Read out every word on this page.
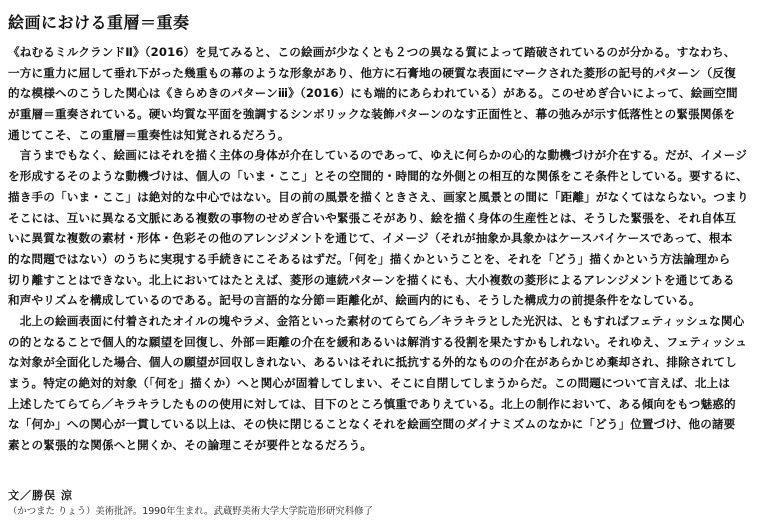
絵画における重層＝重奏
《ねむるミルクランドⅡ》（2016）を見てみると、この絵画が少なくとも２つの異なる質によって踏破されているのが分かる。すなわち、
一方に重力に屈して垂れ下がった幾重もの幕のような形象があり、他方に石膏地の硬質な表面にマークされた菱形の記号的パターン（反復
的な模様へのこうした関心は《きらめきのパターンⅲ》（2016）にも端的にあらわれている）がある。このせめぎ合いによって、絵画空間
が重層＝重奏されている。硬い均質な平面を強調するシンボリックな装飾パターンのなす正面性と、幕の弛みが示す低落性との緊張関係を
通じてこそ、この重層＝重奏性は知覚されるだろう。
　言うまでもなく、絵画にはそれを描く主体の身体が介在しているのであって、ゆえに何らかの心的な動機づけが介在する。だが、イメージ
を形成するそのような動機づけは、個人の「いま・ここ」とその空間的・時間的な外側との相互的な関係をこそ条件としている。要するに、
描き手の「いま・ここ」は絶対的な中心ではない。目の前の風景を描くときさえ、画家と風景との間に「距離」がなくてはならない。つまり
そこには、互いに異なる文脈にある複数の事物のせめぎ合いや緊張こそがあり、絵を描く身体の生産性とは、そうした緊張を、それ自体互
いに異質な複数の素材・形体・色彩その他のアレンジメントを通じて、イメージ（それが抽象か具象かはケースバイケースであって、根本
的な問題ではない）のうちに実現する手続きにこそあるはずだ。「何を」描くかということを、それを「どう」描くかという方法論理から
切り離すことはできない。北上においてはたとえば、菱形の連続パターンを描くにも、大小複数の菱形によるアレンジメントを通じてある
和声やリズムを構成しているのである。記号の言語的な分節＝距離化が、絵画内的にも、そうした構成力の前提条件をなしている。
　北上の絵画表面に付着されたオイルの塊やラメ、金箔といった素材のてらてら／キラキラとした光沢は、ともすればフェティッシュな関心
の的となることで個人的な願望を回復し、外部＝距離の介在を緩和あるいは解消する役割を果たすかもしれない。それゆえ、フェティッシュ
な対象が全面化した場合、個人の願望が回収しきれない、あるいはそれに抵抗する外的なものの介在があらかじめ棄却され、排除されてし
まう。特定の絶対的対象（「何を」描くか）へと関心が固着してしまい、そこに自閉してしまうからだ。この問題について言えば、北上は
上述したてらてら／キラキラしたものの使用に対しては、目下のところ慎重でありえている。北上の制作において、ある傾向をもつ魅惑的
な「何か」への関心が一貫している以上は、その快に閉じることなくそれを絵画空間のダイナミズムのなかに「どう」位置づけ、他の諸要
素との緊張的な関係へと開くか、その論理こそが要件となるだろう。
文／勝俣 涼
（かつまた りょう）美術批評。1990年生まれ。武蔵野美術大学大学院造形研究科修了
